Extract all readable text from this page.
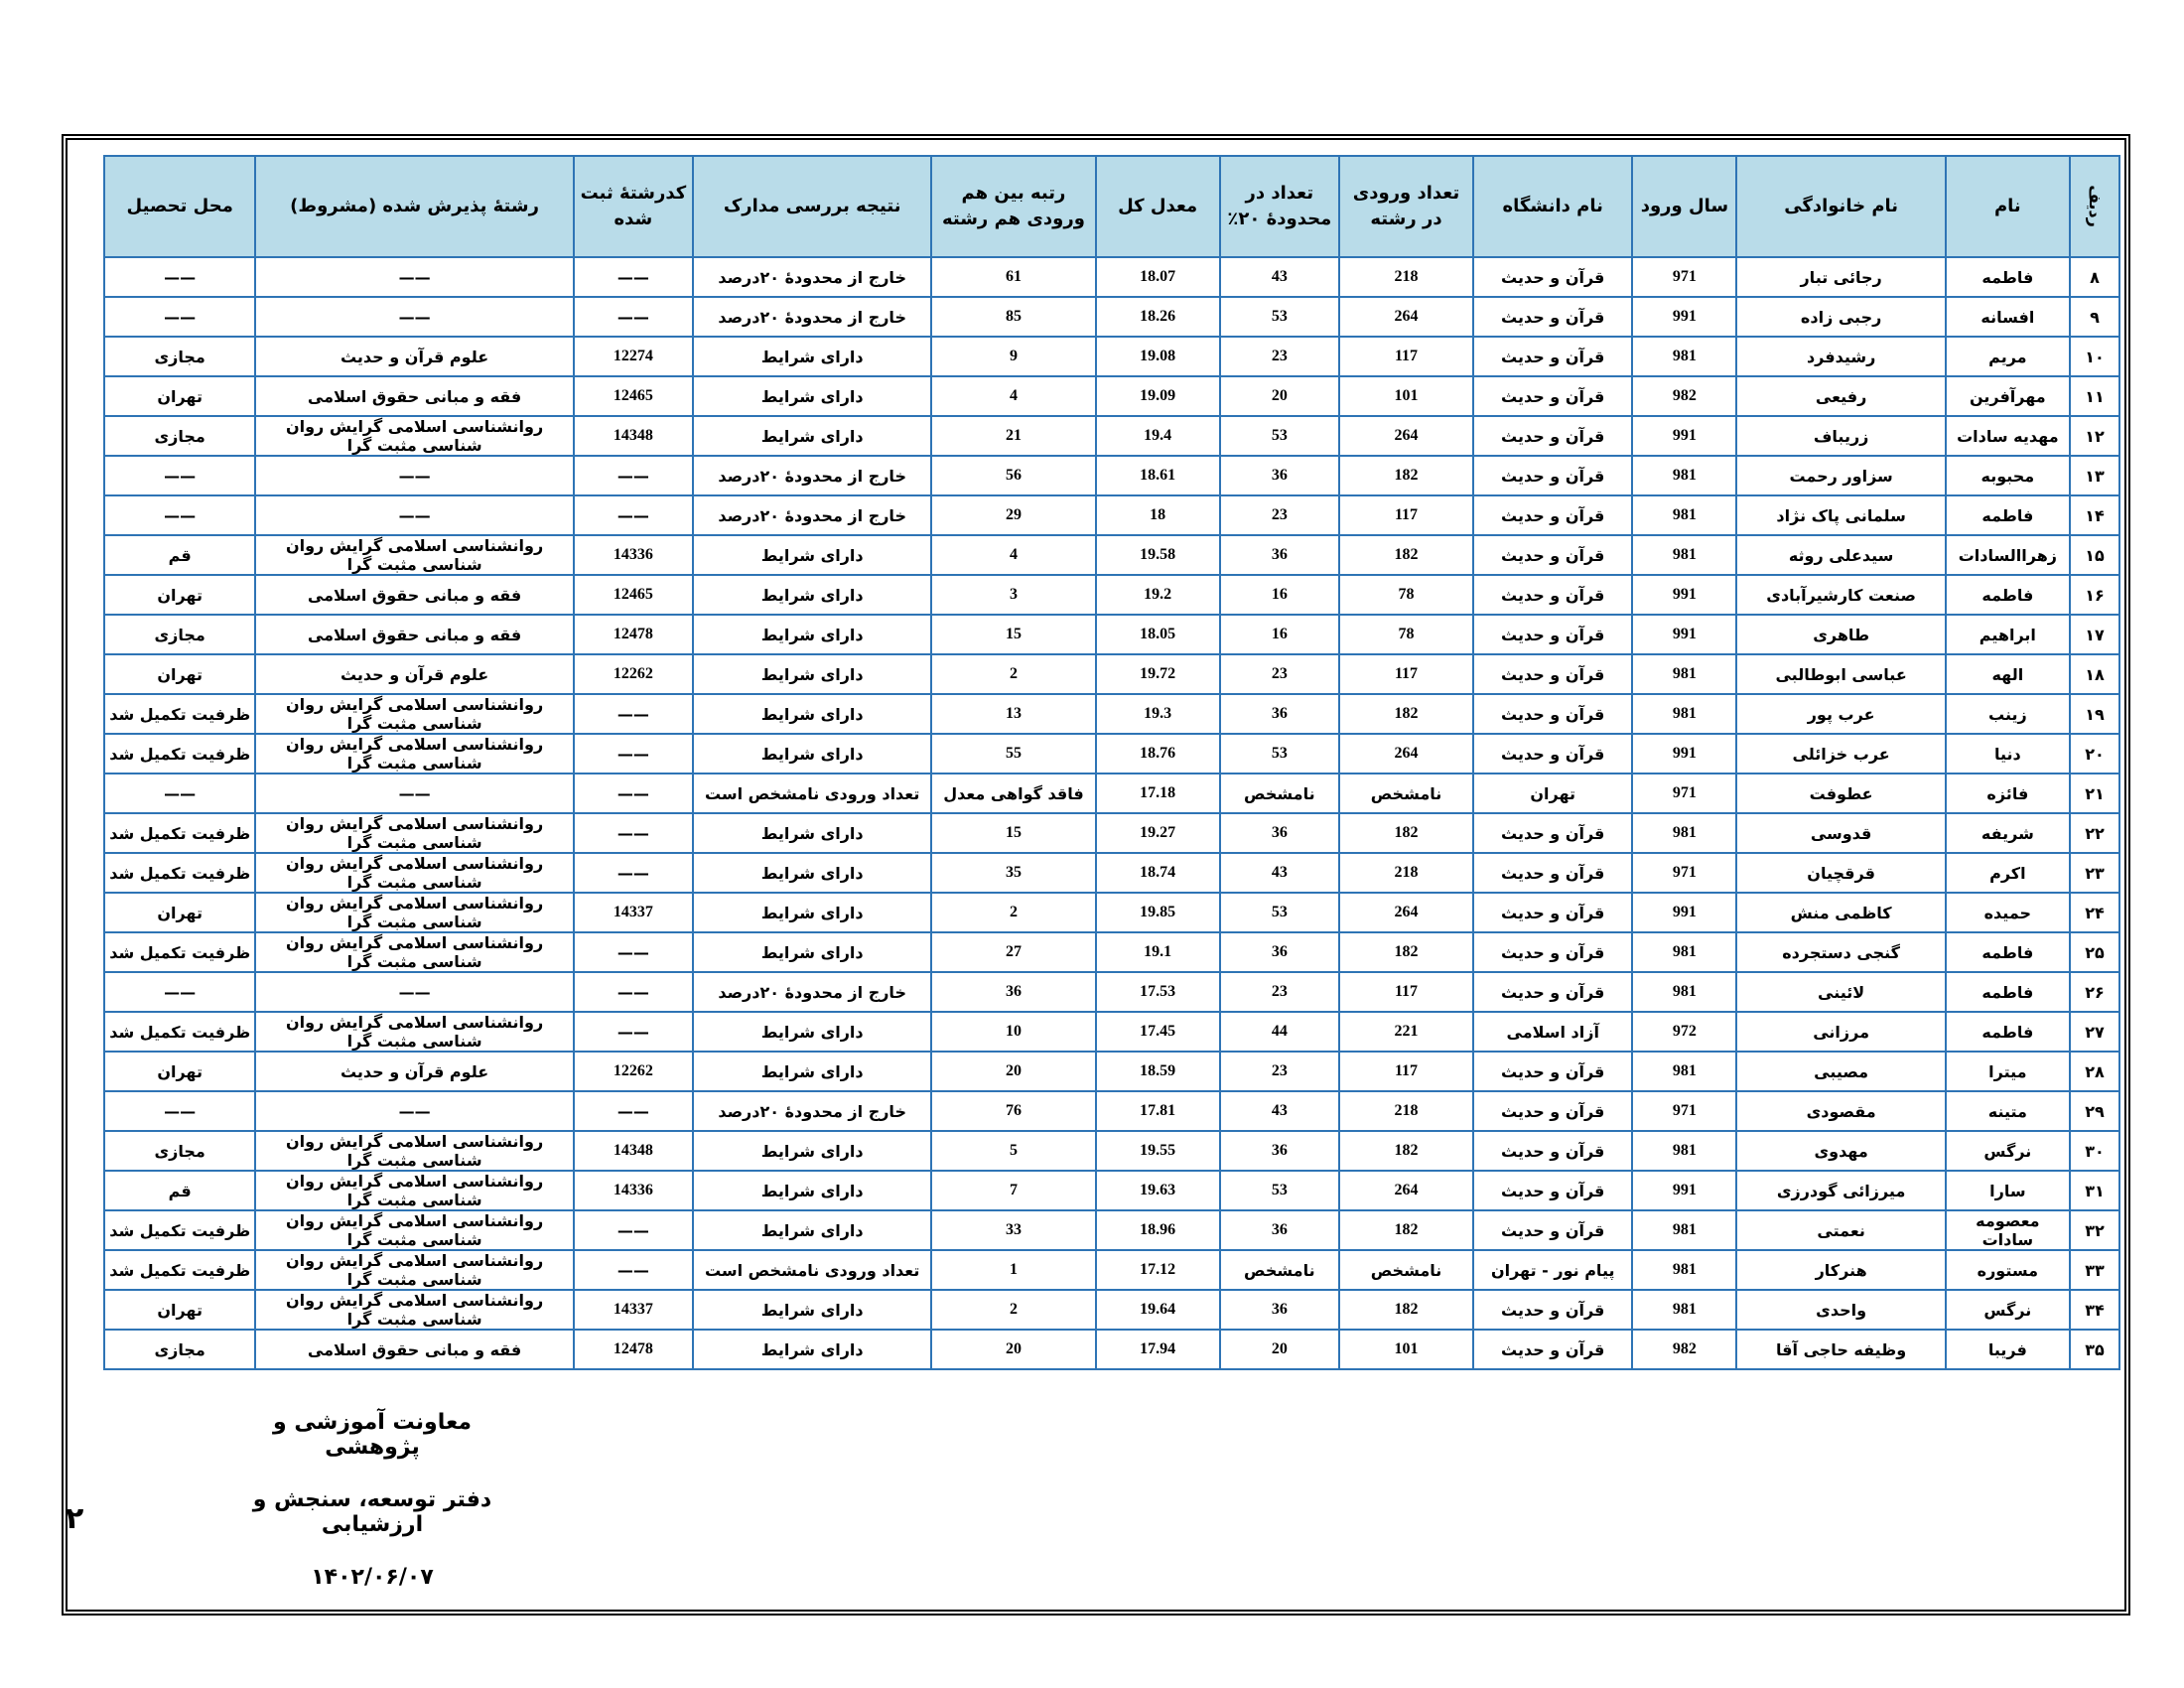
ردیف	نام	نام خانوادگی	سال ورود	نام دانشگاه	تعداد ورودی در رشته	تعداد در محدودهٔ ۲۰٪	معدل کل	رتبه بین هم ورودی هم رشته	نتیجه بررسی مدارک	کدرشتهٔ ثبت شده	رشتهٔ پذیرش شده (مشروط)	محل تحصیل
۸	فاطمه	رجائی تبار	971	قرآن و حدیث	218	43	18.07	61	خارج از محدودهٔ ۲۰درصد	——	——	——
۹	افسانه	رجبی زاده	991	قرآن و حدیث	264	53	18.26	85	خارج از محدودهٔ ۲۰درصد	——	——	——
۱۰	مریم	رشیدفرد	981	قرآن و حدیث	117	23	19.08	9	دارای شرایط	12274	علوم قرآن و حدیث	مجازی
۱۱	مهرآفرین	رفیعی	982	قرآن و حدیث	101	20	19.09	4	دارای شرایط	12465	فقه و مبانی حقوق اسلامی	تهران
۱۲	مهدیه سادات	زریباف	991	قرآن و حدیث	264	53	19.4	21	دارای شرایط	14348	روانشناسی اسلامی گرایش روان شناسی مثبت گرا	مجازی
۱۳	محبوبه	سزاور رحمت	981	قرآن و حدیث	182	36	18.61	56	خارج از محدودهٔ ۲۰درصد	——	——	——
۱۴	فاطمه	سلمانی پاک نژاد	981	قرآن و حدیث	117	23	18	29	خارج از محدودهٔ ۲۰درصد	——	——	——
۱۵	زهراالسادات	سیدعلی روثه	981	قرآن و حدیث	182	36	19.58	4	دارای شرایط	14336	روانشناسی اسلامی گرایش روان شناسی مثبت گرا	قم
۱۶	فاطمه	صنعت کارشیرآبادی	991	قرآن و حدیث	78	16	19.2	3	دارای شرایط	12465	فقه و مبانی حقوق اسلامی	تهران
۱۷	ابراهیم	طاهری	991	قرآن و حدیث	78	16	18.05	15	دارای شرایط	12478	فقه و مبانی حقوق اسلامی	مجازی
۱۸	الهه	عباسی ابوطالبی	981	قرآن و حدیث	117	23	19.72	2	دارای شرایط	12262	علوم قرآن و حدیث	تهران
۱۹	زینب	عرب پور	981	قرآن و حدیث	182	36	19.3	13	دارای شرایط	——	روانشناسی اسلامی گرایش روان شناسی مثبت گرا	ظرفیت تکمیل شد
۲۰	دنیا	عرب خزائلی	991	قرآن و حدیث	264	53	18.76	55	دارای شرایط	——	روانشناسی اسلامی گرایش روان شناسی مثبت گرا	ظرفیت تکمیل شد
۲۱	فائزه	عطوفت	971	تهران	نامشخص	نامشخص	17.18	فاقد گواهی معدل	تعداد ورودی نامشخص است	——	——	——
۲۲	شریفه	قدوسی	981	قرآن و حدیث	182	36	19.27	15	دارای شرایط	——	روانشناسی اسلامی گرایش روان شناسی مثبت گرا	ظرفیت تکمیل شد
۲۳	اکرم	قرقچیان	971	قرآن و حدیث	218	43	18.74	35	دارای شرایط	——	روانشناسی اسلامی گرایش روان شناسی مثبت گرا	ظرفیت تکمیل شد
۲۴	حمیده	کاظمی منش	991	قرآن و حدیث	264	53	19.85	2	دارای شرایط	14337	روانشناسی اسلامی گرایش روان شناسی مثبت گرا	تهران
۲۵	فاطمه	گنجی دستجرده	981	قرآن و حدیث	182	36	19.1	27	دارای شرایط	——	روانشناسی اسلامی گرایش روان شناسی مثبت گرا	ظرفیت تکمیل شد
۲۶	فاطمه	لائینی	981	قرآن و حدیث	117	23	17.53	36	خارج از محدودهٔ ۲۰درصد	——	——	——
۲۷	فاطمه	مرزانی	972	آزاد اسلامی	221	44	17.45	10	دارای شرایط	——	روانشناسی اسلامی گرایش روان شناسی مثبت گرا	ظرفیت تکمیل شد
۲۸	میترا	مصیبی	981	قرآن و حدیث	117	23	18.59	20	دارای شرایط	12262	علوم قرآن و حدیث	تهران
۲۹	متینه	مقصودی	971	قرآن و حدیث	218	43	17.81	76	خارج از محدودهٔ ۲۰درصد	——	——	——
۳۰	نرگس	مهدوی	981	قرآن و حدیث	182	36	19.55	5	دارای شرایط	14348	روانشناسی اسلامی گرایش روان شناسی مثبت گرا	مجازی
۳۱	سارا	میرزائی گودرزی	991	قرآن و حدیث	264	53	19.63	7	دارای شرایط	14336	روانشناسی اسلامی گرایش روان شناسی مثبت گرا	قم
۳۲	معصومه سادات	نعمتی	981	قرآن و حدیث	182	36	18.96	33	دارای شرایط	——	روانشناسی اسلامی گرایش روان شناسی مثبت گرا	ظرفیت تکمیل شد
۳۳	مستوره	هنرکار	981	پیام نور - تهران	نامشخص	نامشخص	17.12	1	تعداد ورودی نامشخص است	——	روانشناسی اسلامی گرایش روان شناسی مثبت گرا	ظرفیت تکمیل شد
۳۴	نرگس	واحدی	981	قرآن و حدیث	182	36	19.64	2	دارای شرایط	14337	روانشناسی اسلامی گرایش روان شناسی مثبت گرا	تهران
۳۵	فریبا	وظیفه حاجی آقا	982	قرآن و حدیث	101	20	17.94	20	دارای شرایط	12478	فقه و مبانی حقوق اسلامی	مجازی
معاونت آموزشی و پژوهشی
دفتر توسعه، سنجش و ارزشیابی
۱۴۰۲/۰۶/۰۷
۲
